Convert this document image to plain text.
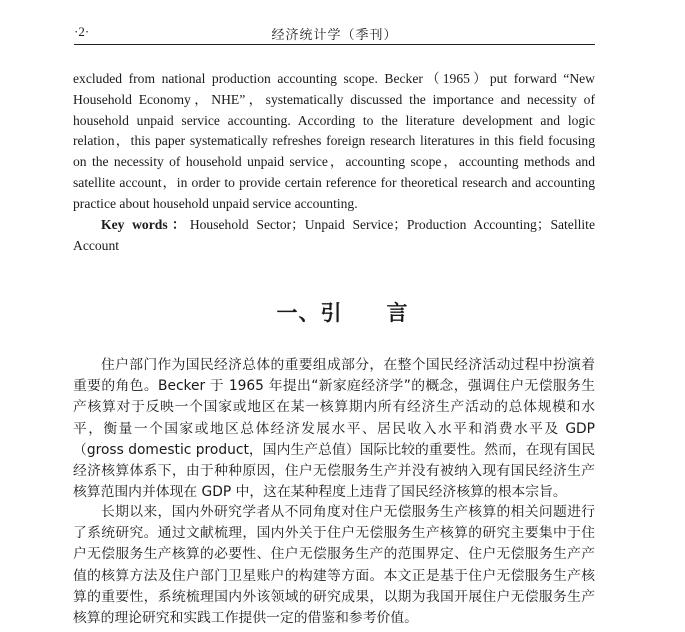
·2·	经济统计学（季刊）

excluded from national production accounting scope. Becker（1965）put forward “New Household Economy，NHE”，systematically discussed the importance and necessity of household unpaid service accounting. According to the literature development and logic relation，this paper systematically refreshes foreign research literatures in this field focusing on the necessity of household unpaid service，accounting scope，accounting methods and satellite account，in order to provide certain reference for theoretical research and accounting practice about household unpaid service accounting.

Key words：Household Sector；Unpaid Service；Production Accounting；Satellite Account

一、引　　言

住户部门作为国民经济总体的重要组成部分，在整个国民经济活动过程中扮演着重要的角色。Becker 于 1965 年提出“新家庭经济学”的概念，强调住户无偿服务生产核算对于反映一个国家或地区在某一核算期内所有经济生产活动的总体规模和水平，衡量一个国家或地区总体经济发展水平、居民收入水平和消费水平及 GDP（gross domestic product，国内生产总值）国际比较的重要性。然而，在现有国民经济核算体系下，由于种种原因，住户无偿服务生产并没有被纳入现有国民经济生产核算范围内并体现在 GDP 中，这在某种程度上违背了国民经济核算的根本宗旨。

长期以来，国内外研究学者从不同角度对住户无偿服务生产核算的相关问题进行了系统研究。通过文献梳理，国内外关于住户无偿服务生产核算的研究主要集中于住户无偿服务生产核算的必要性、住户无偿服务生产的范围界定、住户无偿服务生产产值的核算方法及住户部门卫星账户的构建等方面。本文正是基于住户无偿服务生产核算的重要性，系统梳理国内外该领域的研究成果，以期为我国开展住户无偿服务生产核算的理论研究和实践工作提供一定的借鉴和参考价值。
